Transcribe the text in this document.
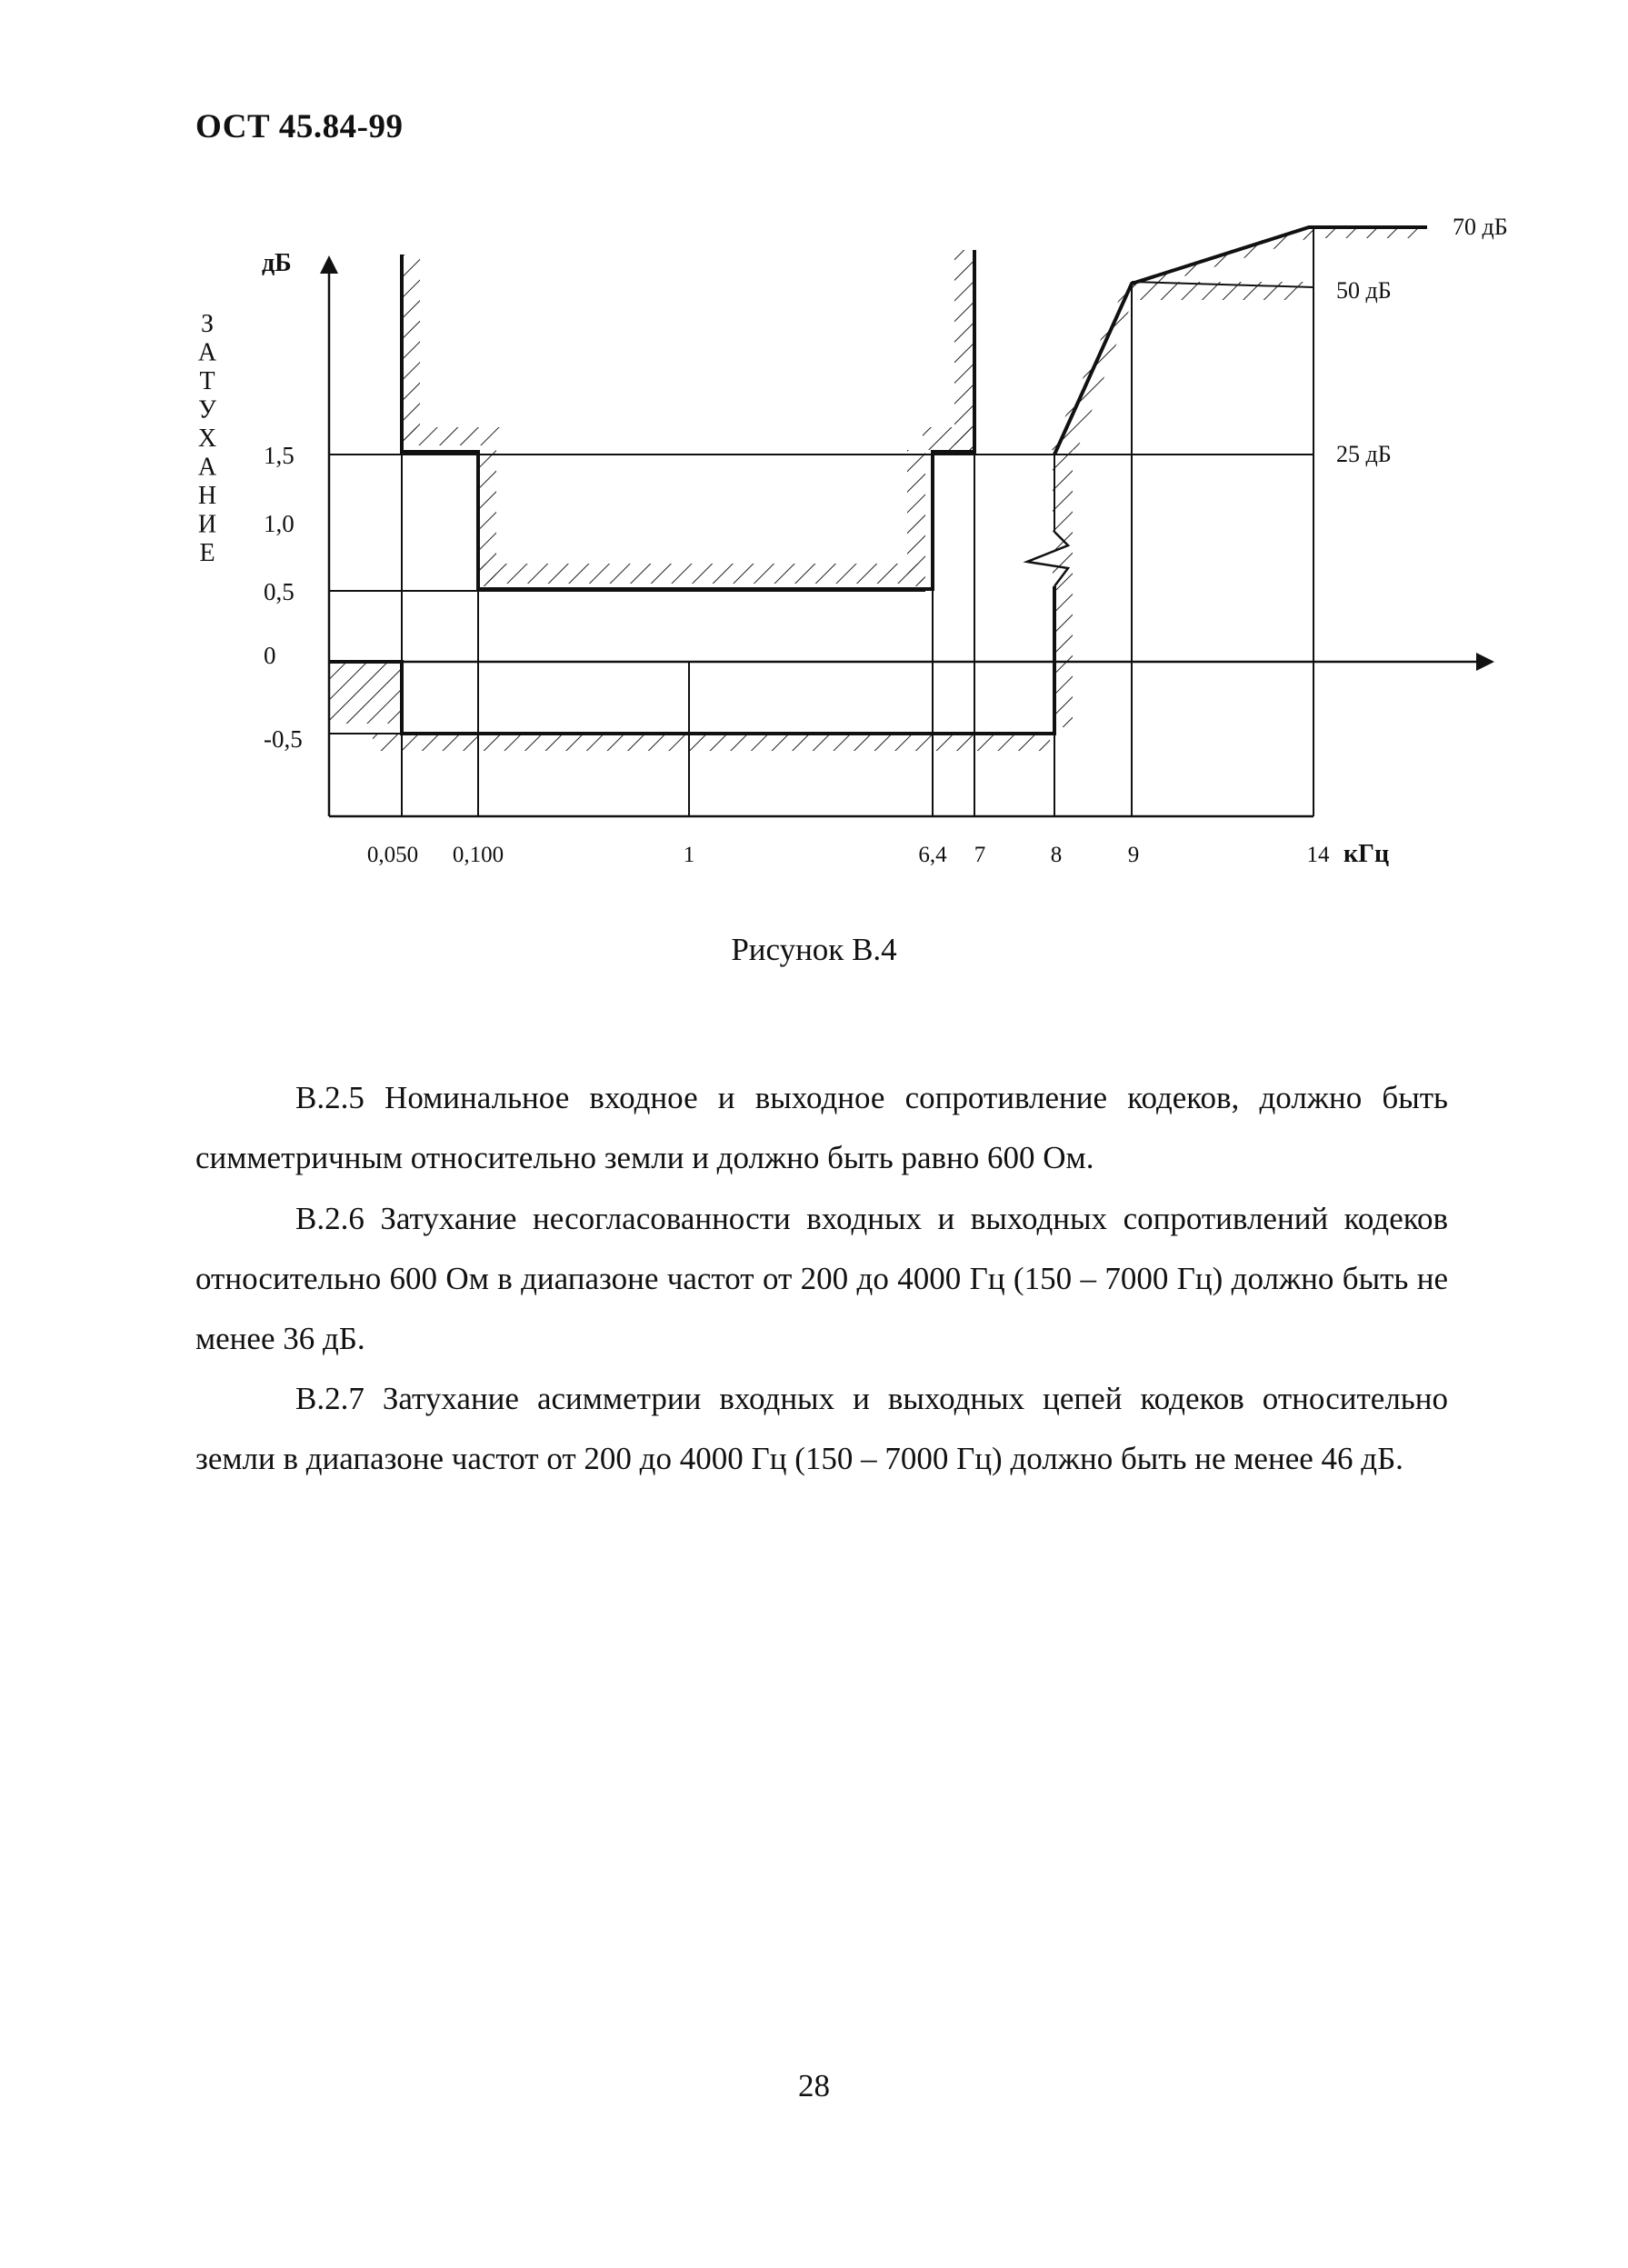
ОСТ 45.84-99
дБ
З
А
Т
У
Х
А
Н
И
Е
1,5
1,0
0,5
0
-0,5
0,050 0,100	1	6,4 7	8	9	14 кГц
70 дБ
50 дБ
25 дБ
Рисунок В.4
В.2.5 Номинальное входное и выходное сопротивление кодеков, должно быть
симметричным относительно земли и должно быть равно 600 Ом.
В.2.6 Затухание несогласованности входных и выходных сопротивлений кодеков
относительно 600 Ом в диапазоне частот от 200 до 4000 Гц (150 – 7000 Гц) должно быть не менее 36 дБ.
В.2.7 Затухание асимметрии входных и выходных цепей кодеков относительно
земли в диапазоне частот от 200 до 4000 Гц (150 – 7000 Гц) должно быть не менее 46 дБ.
28
